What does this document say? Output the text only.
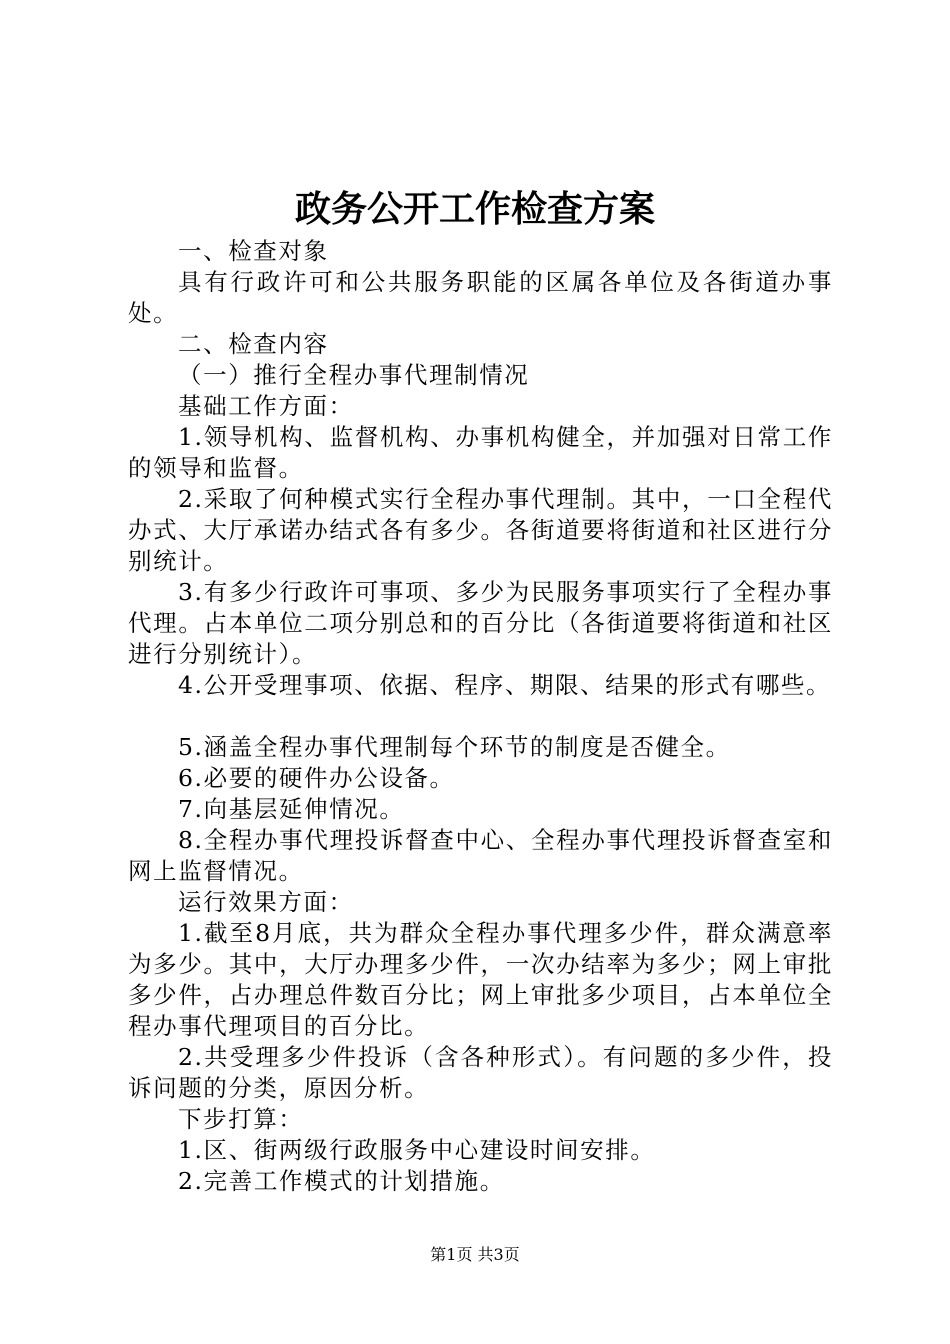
政务公开工作检查方案

一、检查对象

具有行政许可和公共服务职能的区属各单位及各街道办事处。

二、检查内容

（一）推行全程办事代理制情况

基础工作方面：

1.领导机构、监督机构、办事机构健全，并加强对日常工作的领导和监督。

2.采取了何种模式实行全程办事代理制。其中，一口全程代办式、大厅承诺办结式各有多少。各街道要将街道和社区进行分别统计。

3.有多少行政许可事项、多少为民服务事项实行了全程办事代理。占本单位二项分别总和的百分比（各街道要将街道和社区进行分别统计）。

4.公开受理事项、依据、程序、期限、结果的形式有哪些。

5.涵盖全程办事代理制每个环节的制度是否健全。

6.必要的硬件办公设备。

7.向基层延伸情况。

8.全程办事代理投诉督查中心、全程办事代理投诉督查室和网上监督情况。

运行效果方面：

1.截至8月底，共为群众全程办事代理多少件，群众满意率为多少。其中，大厅办理多少件，一次办结率为多少；网上审批多少件，占办理总件数百分比；网上审批多少项目，占本单位全程办事代理项目的百分比。

2.共受理多少件投诉（含各种形式）。有问题的多少件，投诉问题的分类，原因分析。

下步打算：

1.区、街两级行政服务中心建设时间安排。

2.完善工作模式的计划措施。

第1页 共3页
